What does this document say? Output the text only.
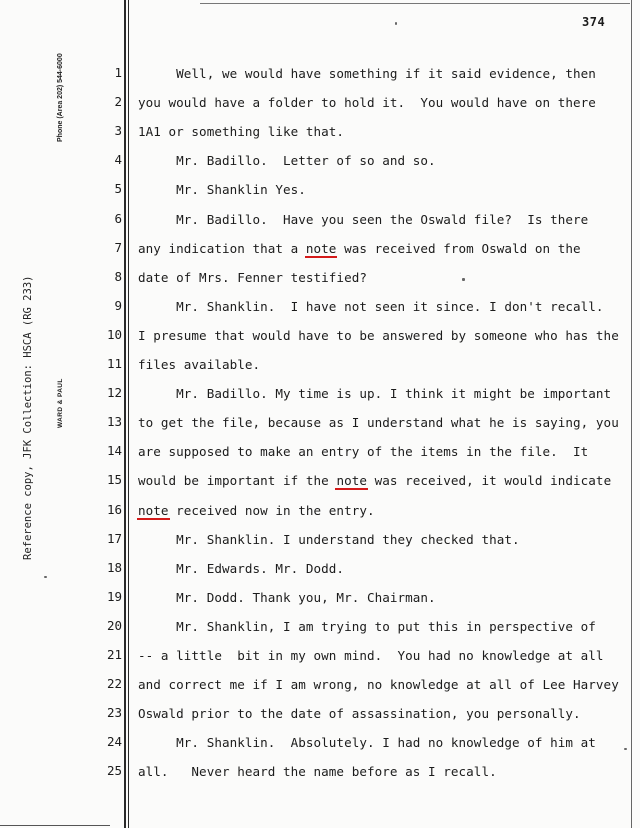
374
Phone (Area 202) 544-6000
WARD & PAUL
Reference copy, JFK Collection: HSCA (RG 233)
1 Well, we would have something if it said evidence, then
2 you would have a folder to hold it.  You would have on there
3 1A1 or something like that.
4 Mr. Badillo.  Letter of so and so.
5 Mr. Shanklin Yes.
6 Mr. Badillo.  Have you seen the Oswald file?  Is there
7 any indication that a note was received from Oswald on the
8 date of Mrs. Fenner testified?
9 Mr. Shanklin.  I have not seen it since. I don't recall.
10 I presume that would have to be answered by someone who has the
11 files available.
12 Mr. Badillo. My time is up. I think it might be important
13 to get the file, because as I understand what he is saying, you
14 are supposed to make an entry of the items in the file.  It
15 would be important if the note was received, it would indicate
16 note received now in the entry.
17 Mr. Shanklin. I understand they checked that.
18 Mr. Edwards. Mr. Dodd.
19 Mr. Dodd. Thank you, Mr. Chairman.
20 Mr. Shanklin, I am trying to put this in perspective of
21 -- a little  bit in my own mind.  You had no knowledge at all
22 and correct me if I am wrong, no knowledge at all of Lee Harvey
23 Oswald prior to the date of assassination, you personally.
24 Mr. Shanklin.  Absolutely. I had no knowledge of him at
25 all.   Never heard the name before as I recall.
